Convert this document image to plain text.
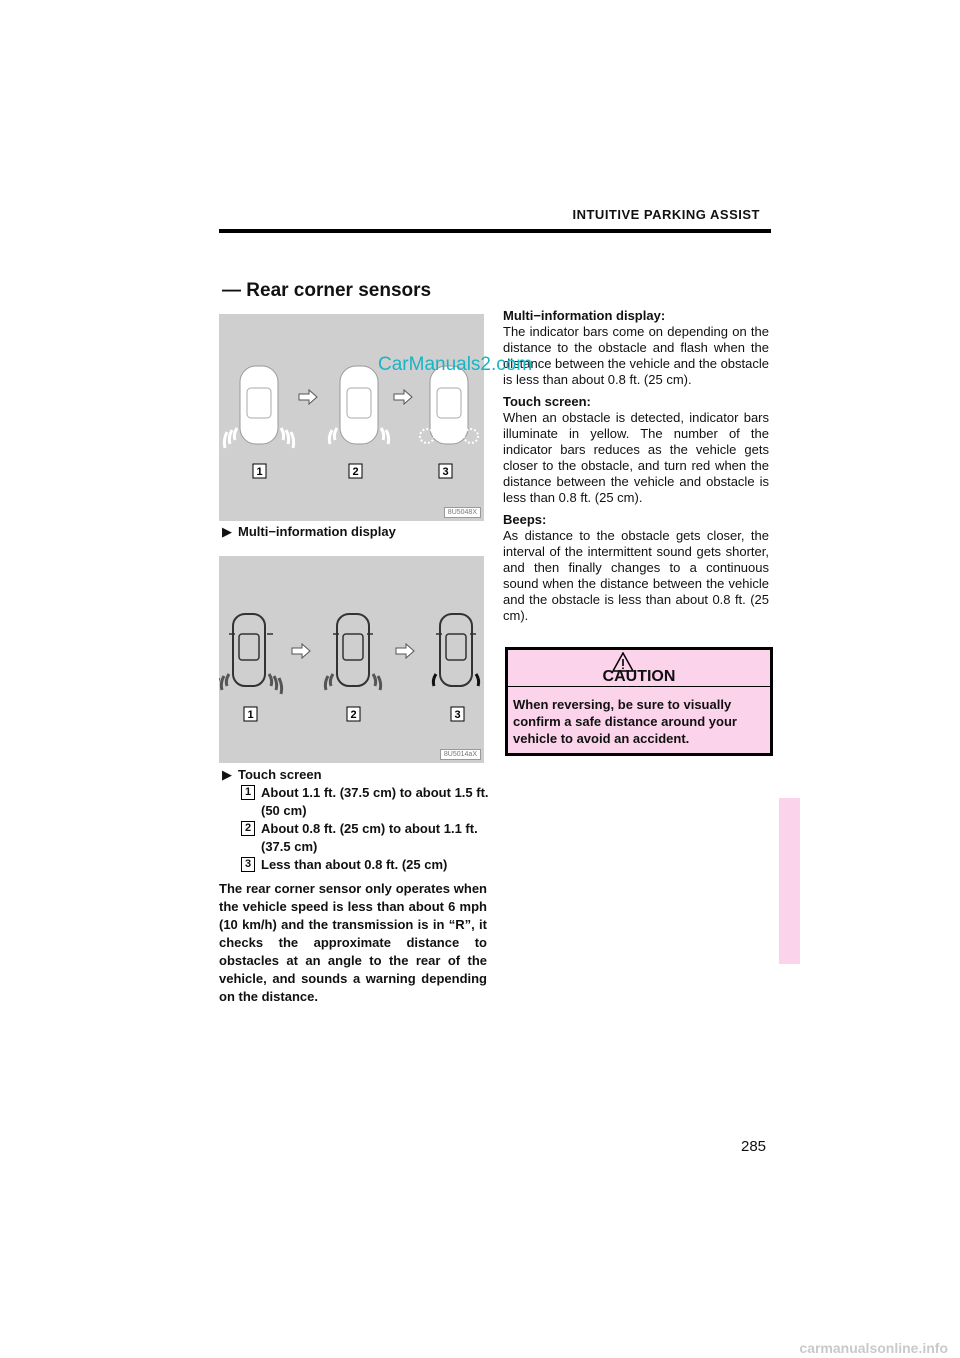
INTUITIVE PARKING ASSIST
— Rear corner sensors
1	2	3
8U5048X
▶ Multi−information display
1	2	3
8U5014aX
▶ Touch screen
1 About 1.1 ft. (37.5 cm) to about 1.5 ft. (50 cm)
2 About 0.8 ft. (25 cm) to about 1.1 ft. (37.5 cm)
3 Less than about 0.8 ft. (25 cm)
The rear corner sensor only operates when the vehicle speed is less than about 6 mph (10 km/h) and the transmission is in “R”, it checks the approximate distance to obstacles at an angle to the rear of the vehicle, and sounds a warning depending on the distance.

Multi−information display:
The indicator bars come on depending on the distance to the obstacle and flash when the distance between the vehicle and the obstacle is less than about 0.8 ft. (25 cm).

Touch screen:
When an obstacle is detected, indicator bars illuminate in yellow. The number of the indicator bars reduces as the vehicle gets closer to the obstacle, and turn red when the distance between the vehicle and obstacle is less than 0.8 ft. (25 cm).

Beeps:
As distance to the obstacle gets closer, the interval of the intermittent sound gets shorter, and then finally changes to a continuous sound when the distance between the vehicle and the obstacle is less than about 0.8 ft. (25 cm).

CAUTION
When reversing, be sure to visually confirm a safe distance around your vehicle to avoid an accident.
285
CarManuals2.com
carmanualsonline.info
